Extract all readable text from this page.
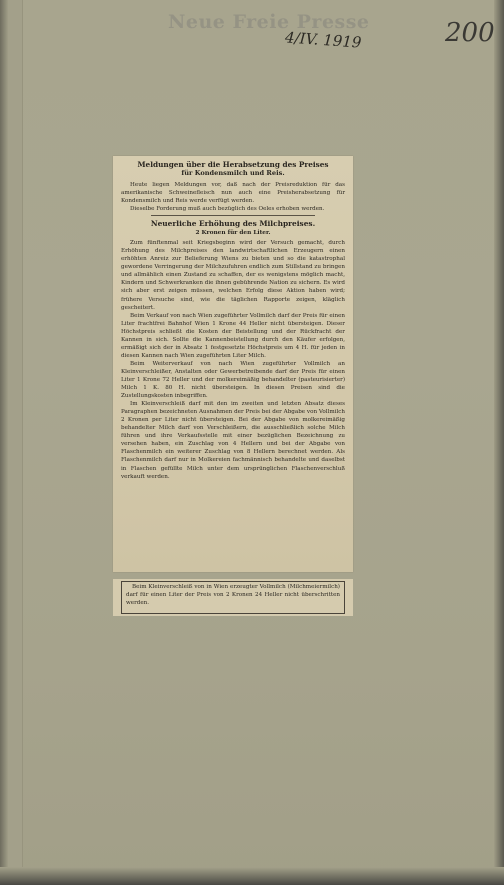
Neue Freie Presse
4/IV. 1919	200

Meldungen über die Herabsetzung des Preises

für Kondensmilch und Reis.

Heute liegen Meldungen vor, daß nach der Preisreduktion für das amerikanische Schweinefleisch nun auch eine Preisherabsetzung für Kondensmilch und Reis werde verfügt werden.

Dieselbe Forderung muß auch bezüglich des Oeles erhoben werden.

Neuerliche Erhöhung des Milchpreises.

2 Kronen für den Liter.

Zum fünftenmal seit Kriegsbeginn wird der Versuch gemacht, durch Erhöhung des Milchpreises den landwirtschaftlichen Erzeugern einen erhöhten Anreiz zur Belieferung Wiens zu bieten und so die katastrophal gewordene Verringerung der Milchzufuhren endlich zum Stillstand zu bringen und allmählich einen Zustand zu schaffen, der es wenigstens möglich macht, Kindern und Schwerkranken die ihnen gebührende Nation zu sichern. Es wird sich aber erst zeigen müssen, welchen Erfolg diese Aktion haben wird; frühere Versuche sind, wie die täglichen Rapporte zeigen, kläglich gescheitert.

Beim Verkauf von nach Wien zugeführter Vollmilch darf der Preis für einen Liter frachtfrei Bahnhof Wien 1 Krone 44 Heller nicht übersteigen. Dieser Höchstpreis schließt die Kosten der Beistellung und der Rückfracht der Kannen in sich. Sollte die Kannenbeistellung durch den Käufer erfolgen, ermäßigt sich der in Absatz 1 festgesetzte Höchstpreis um 4 H. für jeden in diesen Kannen nach Wien zugeführten Liter Milch.

Beim Weiterverkauf von nach Wien zugeführter Vollmilch an Kleinverschleißer, Anstalten oder Gewerbetreibende darf der Preis für einen Liter 1 Krone 72 Heller und der molkereimäßig behandelter (pasteurisierter) Milch 1 K. 80 H. nicht übersteigen. In diesen Preisen sind die Zustellungskosten inbegriffen.

Im Kleinverschleiß darf mit den im zweiten und letzten Absatz dieses Paragraphen bezeichneten Ausnahmen der Preis bei der Abgabe von Vollmilch 2 Kronen per Liter nicht übersteigen. Bei der Abgabe von molkereimäßig behandelter Milch darf von Verschleißern, die ausschließlich solche Milch führen und ihre Verkaufsstelle mit einer bezüglichen Bezeichnung zu versehen haben, ein Zuschlag von 4 Hellern und bei der Abgabe von Flaschenmilch ein weiterer Zuschlag von 8 Hellern berechnet werden. Als Flaschenmilch darf nur in Molkereien fachmännisch behandelte und daselbst in Flaschen gefüllte Milch unter dem ursprünglichen Flaschenverschluß verkauft werden.

Beim Kleinverschleiß von in Wien erzeugter Vollmilch (Milchmeiermilch) darf für einen Liter der Preis von 2 Kronen 24 Heller nicht überschritten werden.
